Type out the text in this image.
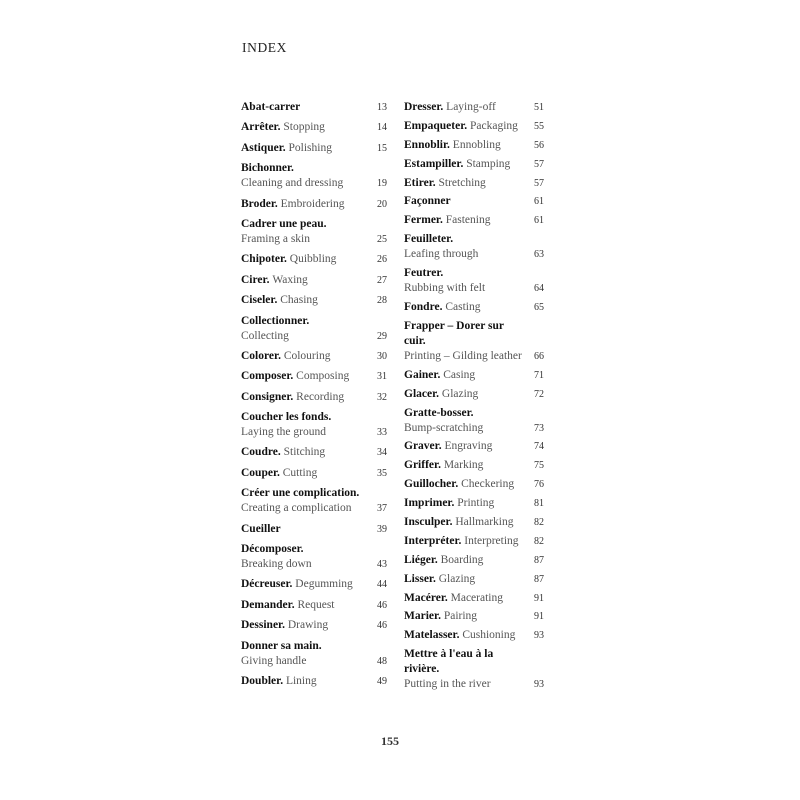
INDEX
Abat-carrer	13
Arrêter. Stopping	14
Astiquer. Polishing	15
Bichonner.
Cleaning and dressing	19
Broder. Embroidering	20
Cadrer une peau.
Framing a skin	25
Chipoter. Quibbling	26
Cirer. Waxing	27
Ciseler. Chasing	28
Collectionner.
Collecting	29
Colorer. Colouring	30
Composer. Composing	31
Consigner. Recording	32
Coucher les fonds.
Laying the ground	33
Coudre. Stitching	34
Couper. Cutting	35
Créer une complication.
Creating a complication	37
Cueiller	39
Décomposer.
Breaking down	43
Décreuser. Degumming 44
Demander. Request	46
Dessiner. Drawing	46
Donner sa main.
Giving handle	48
Doubler. Lining	49
Dresser. Laying-off	51
Empaqueter. Packaging 55
Ennoblir. Ennobling	56
Estampiller. Stamping 57
Etirer. Stretching	57
Façonner	61
Fermer. Fastening	61
Feuilleter.
Leafing through	63
Feutrer.
Rubbing with felt	64
Fondre. Casting	65
Frapper – Dorer sur cuir.
Printing – Gilding leather	66
Gainer. Casing	71
Glacer. Glazing	72
Gratte-bosser.
Bump-scratching	73
Graver. Engraving	74
Griffer. Marking	75
Guillocher. Checkering 76
Imprimer. Printing	81
Insculper. Hallmarking 82
Interpréter. Interpreting 82
Liéger. Boarding	87
Lisser. Glazing	87
Macérer. Macerating	91
Marier. Pairing	91
Matelasser. Cushioning 93
Mettre à l'eau à la rivière.
Putting in the river	93
155
